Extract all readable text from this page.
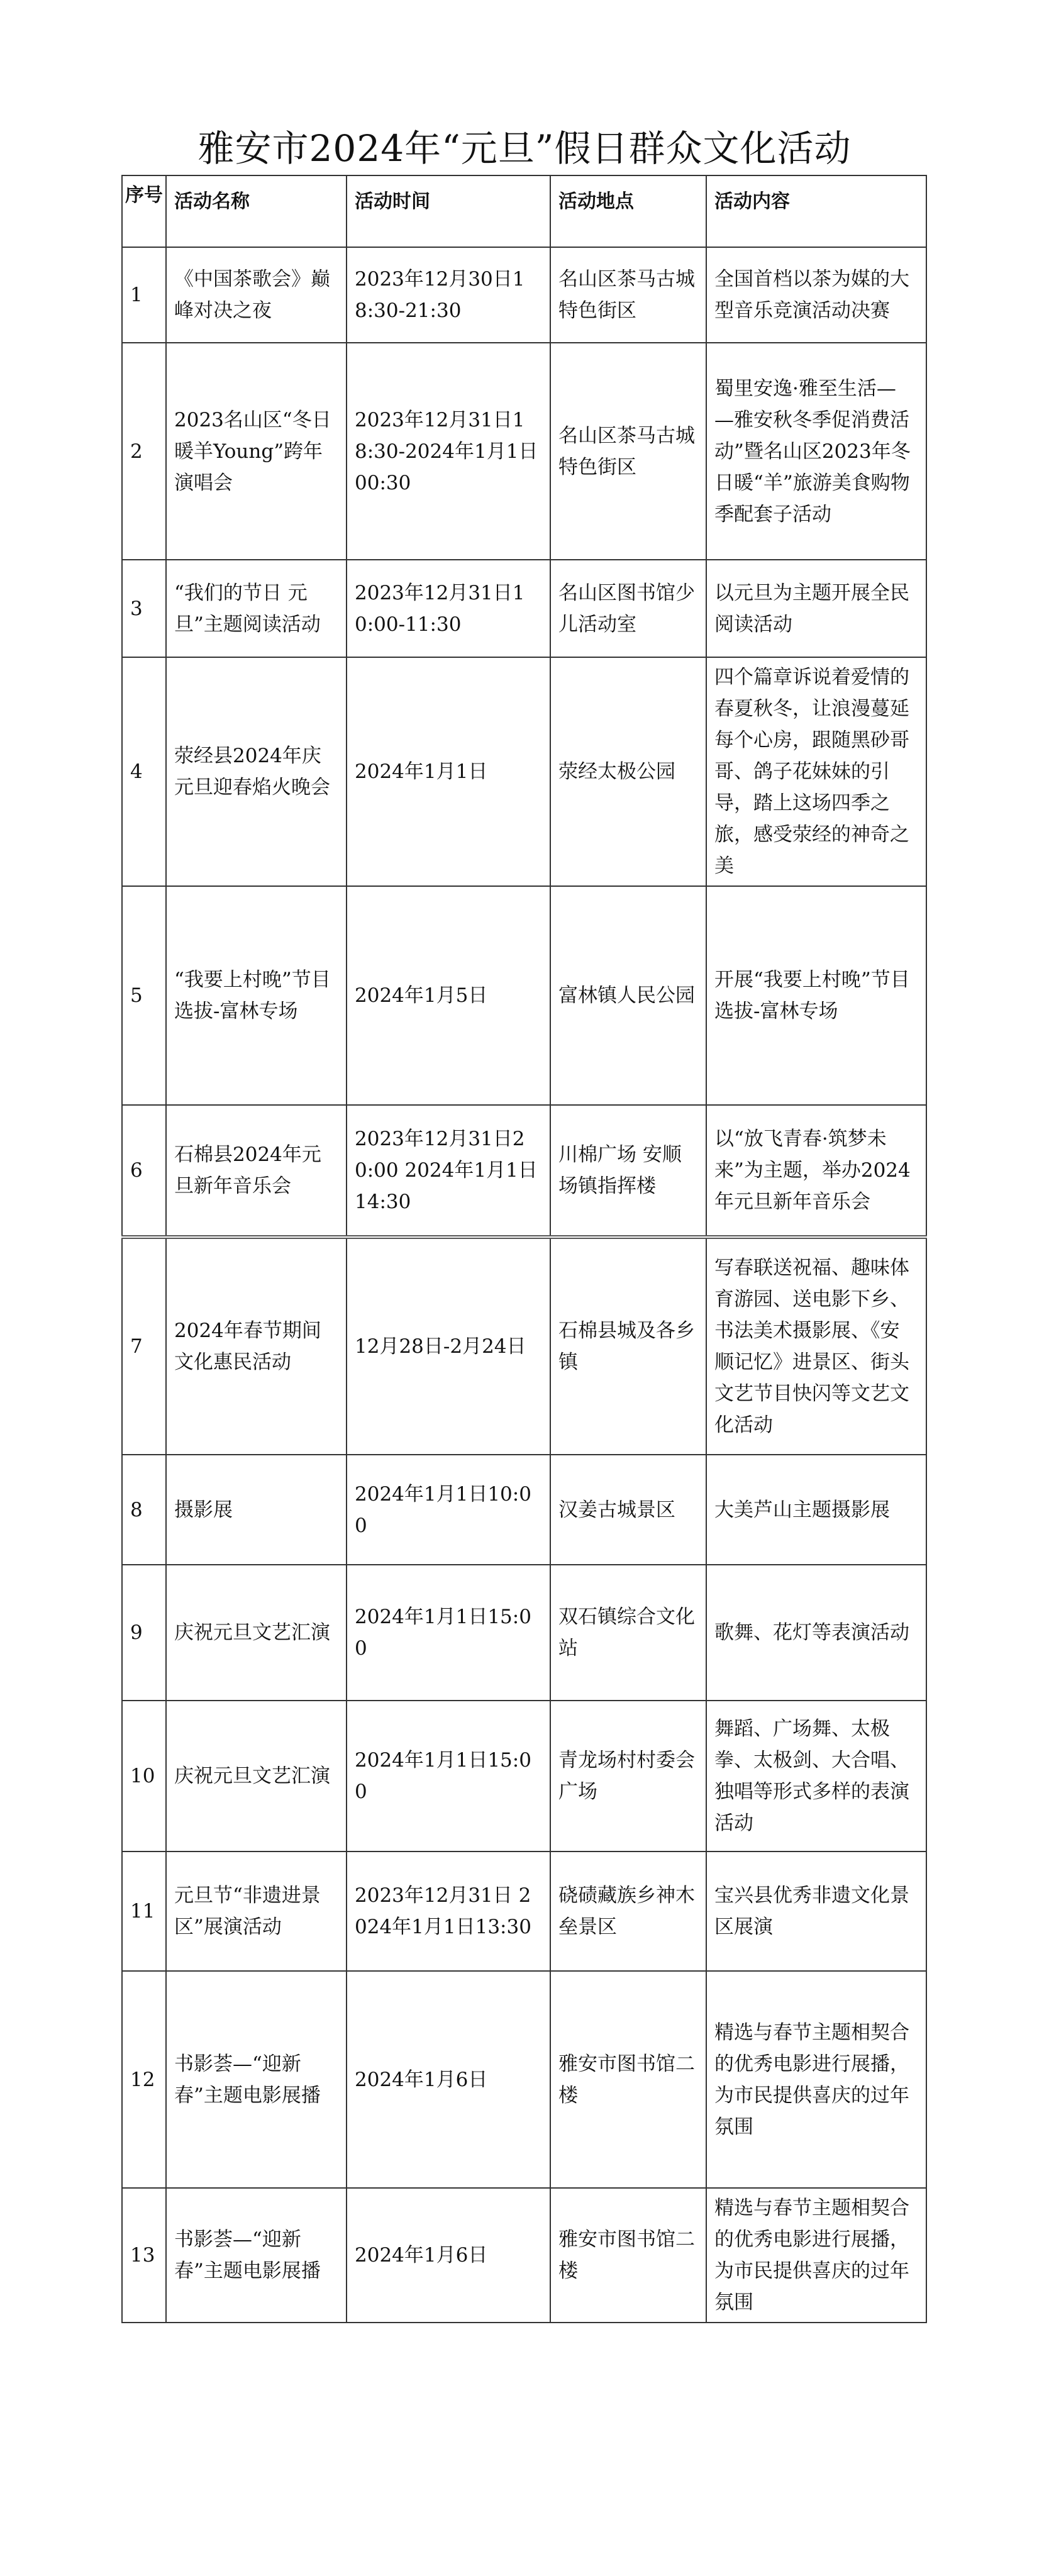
雅安市2024年“元旦”假日群众文化活动
序号	活动名称	活动时间	活动地点	活动内容
1	《中国茶歌会》巅峰对决之夜	2023年12月30日18:30-21:30	名山区茶马古城特色街区	全国首档以茶为媒的大型音乐竞演活动决赛
2	2023名山区“冬日暖羊Young”跨年演唱会	2023年12月31日18:30-2024年1月1日00:30	名山区茶马古城特色街区	蜀里安逸·雅至生活— —雅安秋冬季促消费活动”暨名山区2023年冬日暖“羊”旅游美食购物季配套子活动
3	“我们的节日 元旦”主题阅读活动	2023年12月31日10:00-11:30	名山区图书馆少儿活动室	以元旦为主题开展全民阅读活动
4	荥经县2024年庆元旦迎春焰火晚会	2024年1月1日	荥经太极公园	四个篇章诉说着爱情的春夏秋冬，让浪漫蔓延每个心房，跟随黑砂哥哥、鸽子花妹妹的引导，踏上这场四季之旅，感受荥经的神奇之美
5	“我要上村晚”节目选拔-富林专场	2024年1月5日	富林镇人民公园	开展“我要上村晚”节目选拔-富林专场
6	石棉县2024年元旦新年音乐会	2023年12月31日20:00 2024年1月1日14:30	川棉广场 安顺场镇指挥楼	以“放飞青春·筑梦未来”为主题，举办2024年元旦新年音乐会
7	2024年春节期间文化惠民活动	12月28日-2月24日	石棉县城及各乡镇	写春联送祝福、趣味体育游园、送电影下乡、书法美术摄影展、《安顺记忆》进景区、街头文艺节目快闪等文艺文化活动
8	摄影展	2024年1月1日10:00	汉姜古城景区	大美芦山主题摄影展
9	庆祝元旦文艺汇演	2024年1月1日15:00	双石镇综合文化站	歌舞、花灯等表演活动
10	庆祝元旦文艺汇演	2024年1月1日15:00	青龙场村村委会广场	舞蹈、广场舞、太极拳、太极剑、大合唱、独唱等形式多样的表演活动
11	元旦节“非遗进景区”展演活动	2023年12月31日 2024年1月1日13:30	硗碛藏族乡神木垒景区	宝兴县优秀非遗文化景区展演
12	书影荟—“迎新春”主题电影展播	2024年1月6日	雅安市图书馆二楼	精选与春节主题相契合的优秀电影进行展播，为市民提供喜庆的过年氛围
13	书影荟—“迎新春”主题电影展播	2024年1月6日	雅安市图书馆二楼	精选与春节主题相契合的优秀电影进行展播，为市民提供喜庆的过年氛围
